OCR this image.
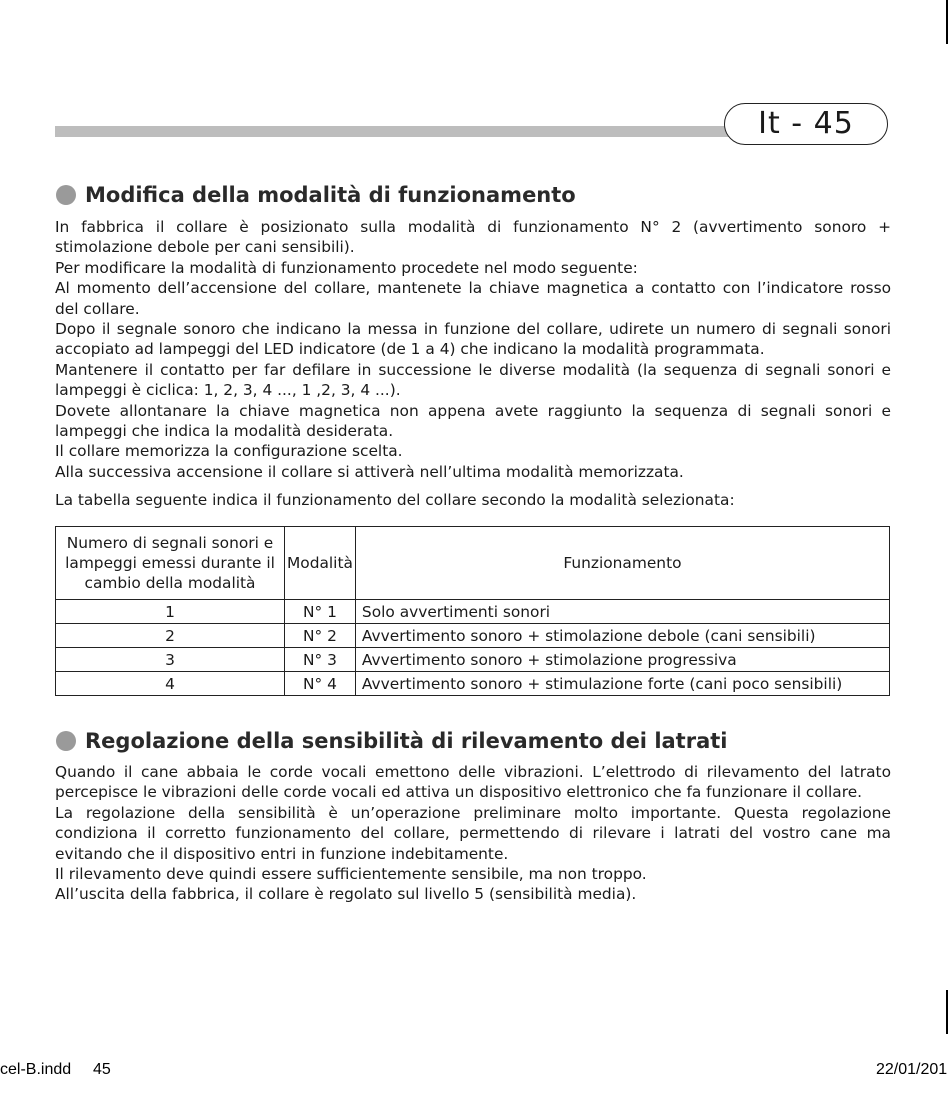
It - 45
Modifica della modalità di funzionamento

In fabbrica il collare è posizionato sulla modalità di funzionamento N° 2 (avvertimento sonoro + stimolazione debole per cani sensibili).

Per modificare la modalità di funzionamento procedete nel modo seguente:

Al momento dell’accensione del collare, mantenete la chiave magnetica a contatto con l’indicatore rosso del collare.

Dopo il segnale sonoro che indicano la messa in funzione del collare, udirete un numero di segnali sonori accopiato ad lampeggi del LED indicatore (de 1 a 4) che indicano la modalità programmata.

Mantenere il contatto per far defilare in successione le diverse modalità (la sequenza di segnali sonori e lampeggi è ciclica: 1, 2, 3, 4 ..., 1 ,2, 3, 4 ...).

Dovete allontanare la chiave magnetica non appena avete raggiunto la sequenza di segnali sonori e lampeggi che indica la modalità desiderata.

Il collare memorizza la configurazione scelta.

Alla successiva accensione il collare si attiverà nell’ultima modalità memorizzata.

La tabella seguente indica il funzionamento del collare secondo la modalità selezionata:
Numero di segnali sonori e lampeggi emessi durante il cambio della modalità	Modalità	Funzionamento
1	N° 1	Solo avvertimenti sonori
2	N° 2	Avvertimento sonoro + stimolazione debole (cani sensibili)
3	N° 3	Avvertimento sonoro + stimolazione progressiva
4	N° 4	Avvertimento sonoro + stimulazione forte (cani poco sensibili)
Regolazione della sensibilità di rilevamento dei latrati

Quando il cane abbaia le corde vocali emettono delle vibrazioni. L’elettrodo di rilevamento del latrato percepisce le vibrazioni delle corde vocali ed attiva un dispositivo elettronico che fa funzionare il collare.

La regolazione della sensibilità è un’operazione preliminare molto importante. Questa regolazione condiziona il corretto funzionamento del collare, permettendo di rilevare i latrati del vostro cane ma evitando che il dispositivo entri in funzione indebitamente.

Il rilevamento deve quindi essere sufficientemente sensibile, ma non troppo.

All’uscita della fabbrica, il collare è regolato sul livello 5 (sensibilità media).

cel-B.indd 45	22/01/201
